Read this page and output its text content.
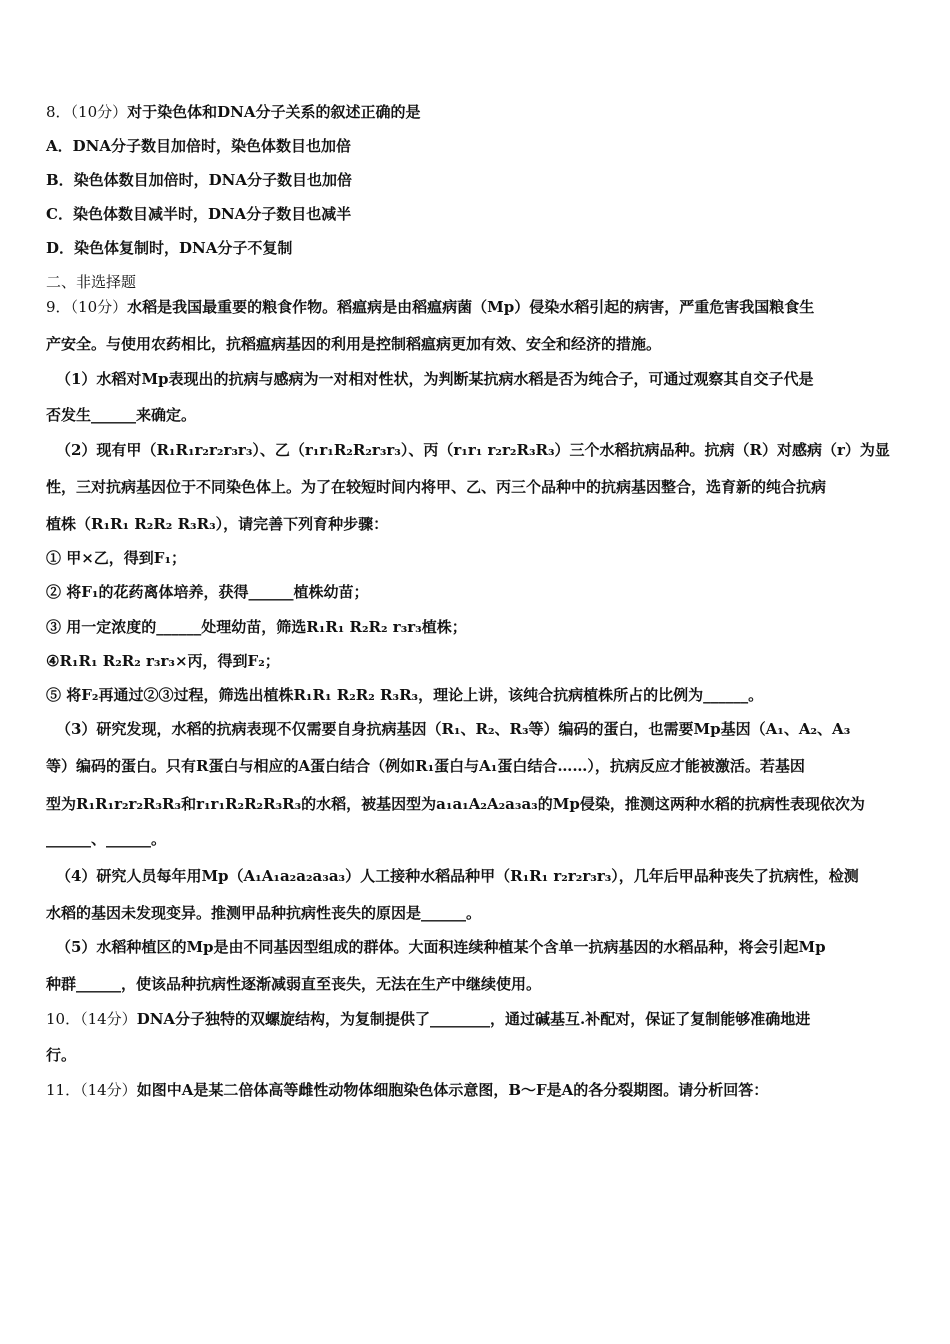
8．（10分）对于染色体和DNA分子关系的叙述正确的是
A．DNA分子数目加倍时，染色体数目也加倍
B．染色体数目加倍时，DNA分子数目也加倍
C．染色体数目减半时，DNA分子数目也减半
D．染色体复制时，DNA分子不复制
二、非选择题
9．（10分）水稻是我国最重要的粮食作物。稻瘟病是由稻瘟病菌（Mp）侵染水稻引起的病害，严重危害我国粮食生
产安全。与使用农药相比，抗稻瘟病基因的利用是控制稻瘟病更加有效、安全和经济的措施。
（1）水稻对Mp表现出的抗病与感病为一对相对性状，为判断某抗病水稻是否为纯合子，可通过观察其自交子代是
否发生______来确定。
（2）现有甲（R₁R₁r₂r₂r₃r₃）、乙（r₁r₁R₂R₂r₃r₃）、丙（r₁r₁ r₂r₂R₃R₃）三个水稻抗病品种。抗病（R）对感病（r）为显
性，三对抗病基因位于不同染色体上。为了在较短时间内将甲、乙、丙三个品种中的抗病基因整合，选育新的纯合抗病
植株（R₁R₁ R₂R₂ R₃R₃），请完善下列育种步骤：
① 甲×乙，得到F₁；
② 将F₁的花药离体培养，获得______植株幼苗；
③ 用一定浓度的______处理幼苗，筛选R₁R₁ R₂R₂ r₃r₃植株；
④R₁R₁ R₂R₂ r₃r₃×丙，得到F₂；
⑤ 将F₂再通过②③过程，筛选出植株R₁R₁ R₂R₂ R₃R₃，理论上讲，该纯合抗病植株所占的比例为______。
（3）研究发现，水稻的抗病表现不仅需要自身抗病基因（R₁、R₂、R₃等）编码的蛋白，也需要Mp基因（A₁、A₂、A₃
等）编码的蛋白。只有R蛋白与相应的A蛋白结合（例如R₁蛋白与A₁蛋白结合……），抗病反应才能被激活。若基因
型为R₁R₁r₂r₂R₃R₃和r₁r₁R₂R₂R₃R₃的水稻，被基因型为a₁a₁A₂A₂a₃a₃的Mp侵染，推测这两种水稻的抗病性表现依次为
______、______。
（4）研究人员每年用Mp（A₁A₁a₂a₂a₃a₃）人工接种水稻品种甲（R₁R₁ r₂r₂r₃r₃），几年后甲品种丧失了抗病性，检测
水稻的基因未发现变异。推测甲品种抗病性丧失的原因是______。
（5）水稻种植区的Mp是由不同基因型组成的群体。大面积连续种植某个含单一抗病基因的水稻品种，将会引起Mp
种群______，使该品种抗病性逐渐减弱直至丧失，无法在生产中继续使用。
10．（14分）DNA分子独特的双螺旋结构，为复制提供了________，通过碱基互.补配对，保证了复制能够准确地进
行。
11．（14分）如图中A是某二倍体高等雌性动物体细胞染色体示意图，B～F是A的各分裂期图。请分析回答：
